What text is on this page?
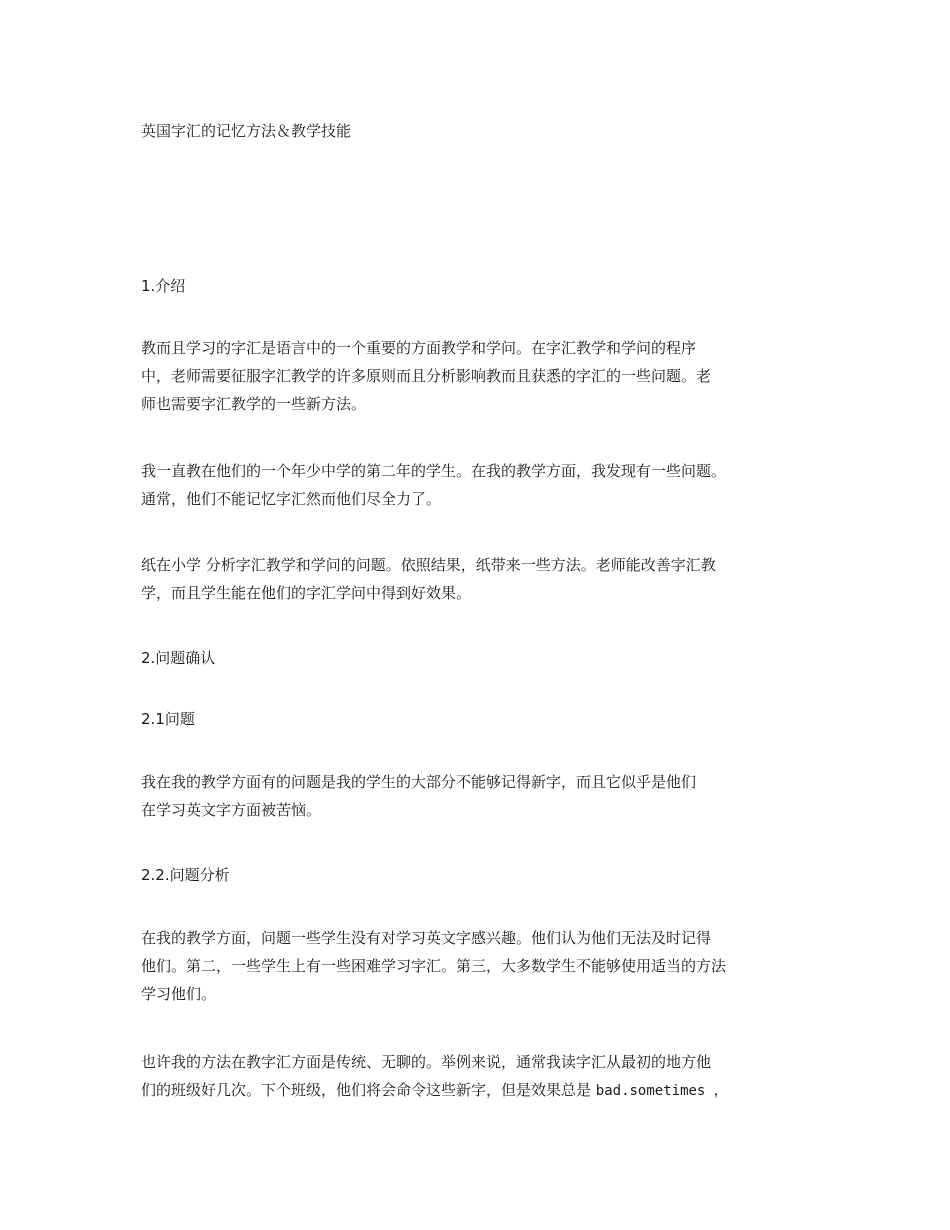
英国字汇的记忆方法＆教学技能
1.介绍
教而且学习的字汇是语言中的一个重要的方面教学和学问。在字汇教学和学问的程序
中，老师需要征服字汇教学的许多原则而且分析影响教而且获悉的字汇的一些问题。老
师也需要字汇教学的一些新方法。
我一直教在他们的一个年少中学的第二年的学生。在我的教学方面，我发现有一些问题。
通常，他们不能记忆字汇然而他们尽全力了。
纸在小学 分析字汇教学和学问的问题。依照结果，纸带来一些方法。老师能改善字汇教
学，而且学生能在他们的字汇学问中得到好效果。
2.问题确认
2.1问题
我在我的教学方面有的问题是我的学生的大部分不能够记得新字，而且它似乎是他们
在学习英文字方面被苦恼。
2.2.问题分析
在我的教学方面，问题一些学生没有对学习英文字感兴趣。他们认为他们无法及时记得
他们。第二，一些学生上有一些困难学习字汇。第三，大多数学生不能够使用适当的方法
学习他们。
也许我的方法在教字汇方面是传统、无聊的。举例来说，通常我读字汇从最初的地方他
们的班级好几次。下个班级，他们将会命令这些新字，但是效果总是 bad.sometimes ，
